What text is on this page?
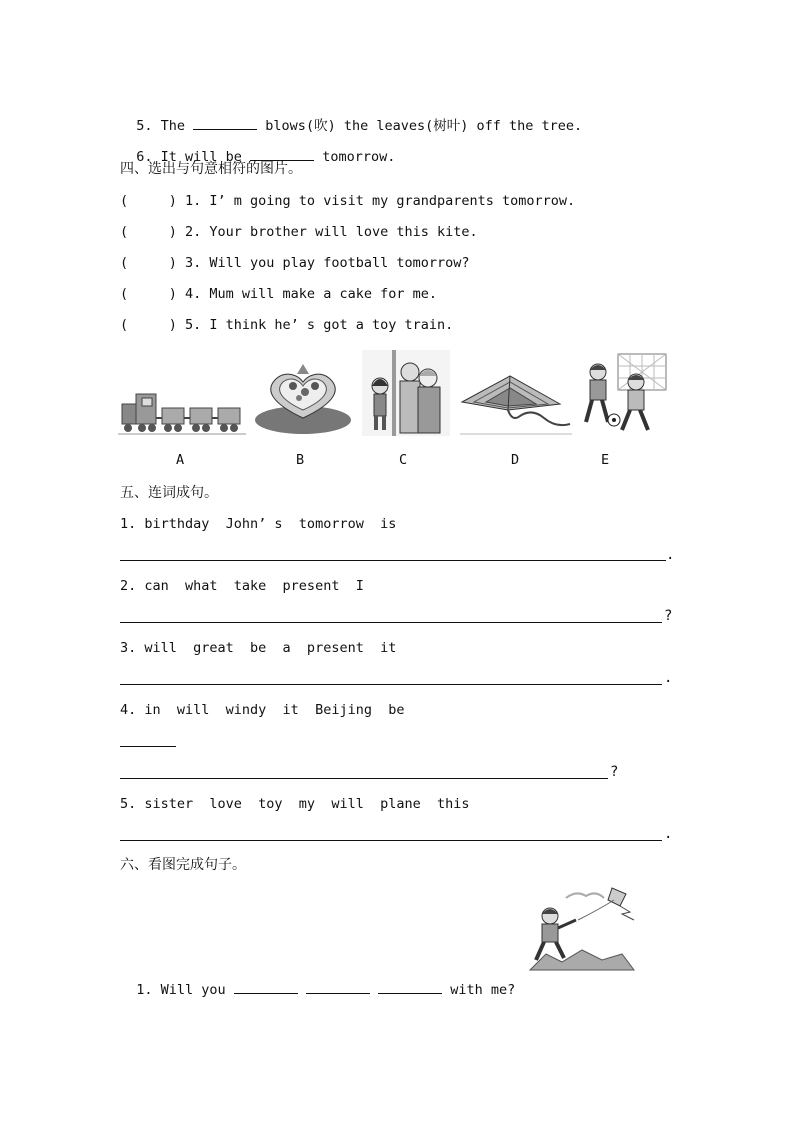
5. The	blows(吹) the leaves(树叶) off the tree.

6. It will be	tomorrow.

四、选出与句意相符的图片。
(     ) 1. I’ m going to visit my grandparents tomorrow.
(     ) 2. Your brother will love this kite.
(     ) 3. Will you play football tomorrow?
(     ) 4. Mum will make a cake for me.
(     ) 5. I think he’ s got a toy train.
A	B	C	D	E
五、连词成句。
1. birthday  John’ s  tomorrow  is
.
2. can  what  take  present  I
?
3. will  great  be  a  present  it
.
4. in  will  windy  it  Beijing  be
?
5. sister  love  toy  my  will  plane  this
.
六、看图完成句子。

1. Will you	with me?
